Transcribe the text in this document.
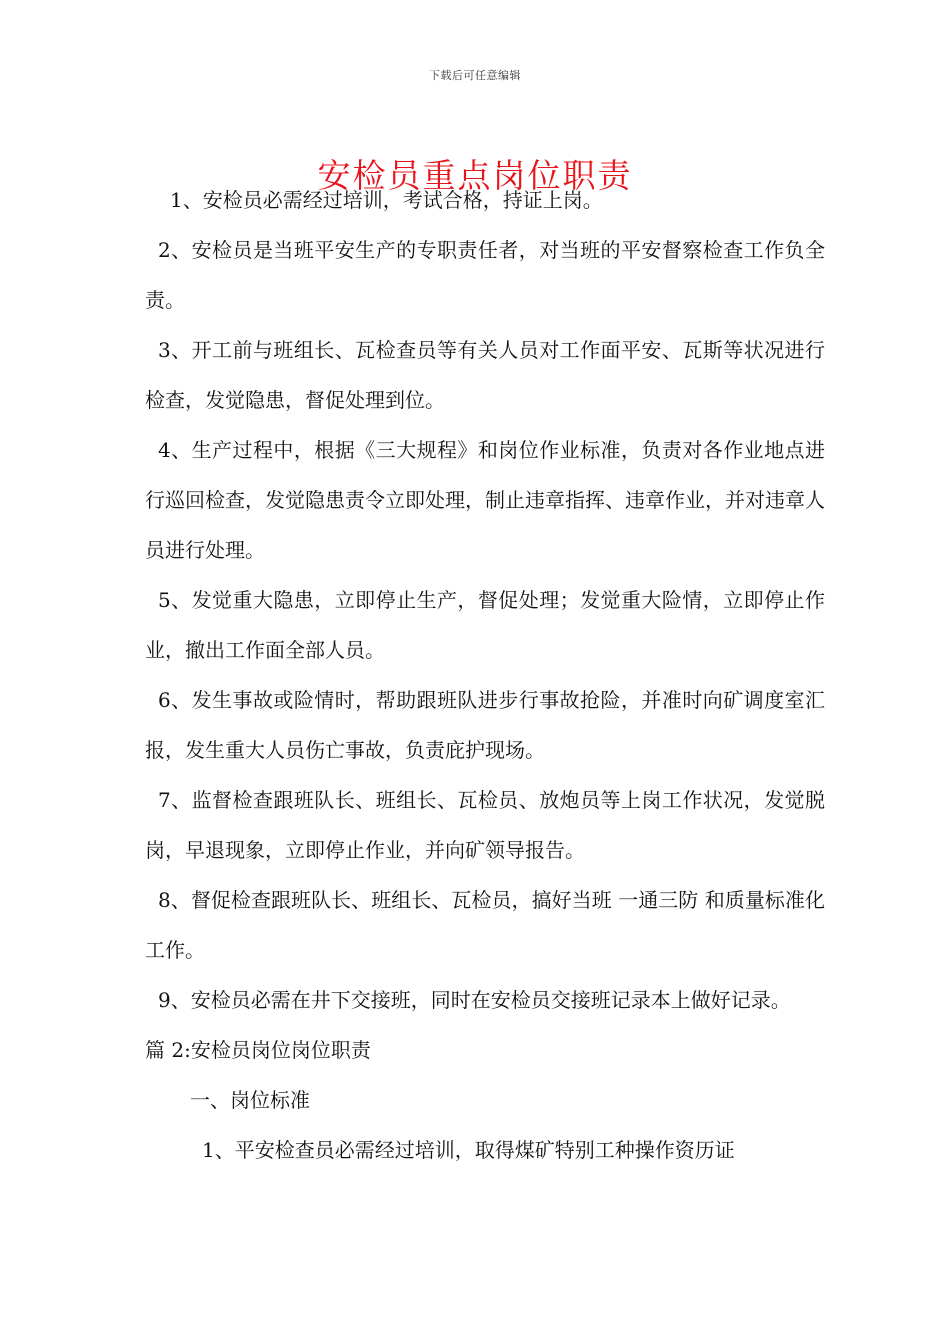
下载后可任意编辑
安检员重点岗位职责

1、安检员必需经过培训，考试合格，持证上岗。

2、安检员是当班平安生产的专职责任者，对当班的平安督察检查工作负全责。

3、开工前与班组长、瓦检查员等有关人员对工作面平安、瓦斯等状况进行检查，发觉隐患，督促处理到位。

4、生产过程中，根据《三大规程》和岗位作业标准，负责对各作业地点进行巡回检查，发觉隐患责令立即处理，制止违章指挥、违章作业，并对违章人员进行处理。

5、发觉重大隐患，立即停止生产，督促处理；发觉重大险情，立即停止作业，撤出工作面全部人员。

6、发生事故或险情时，帮助跟班队进步行事故抢险，并准时向矿调度室汇报，发生重大人员伤亡事故，负责庇护现场。

7、监督检查跟班队长、班组长、瓦检员、放炮员等上岗工作状况，发觉脱岗，早退现象，立即停止作业，并向矿领导报告。

8、督促检查跟班队长、班组长、瓦检员，搞好当班 一通三防 和质量标准化工作。

9、安检员必需在井下交接班，同时在安检员交接班记录本上做好记录。

篇 2:安检员岗位岗位职责

一、岗位标准

1、平安检查员必需经过培训，取得煤矿特别工种操作资历证
